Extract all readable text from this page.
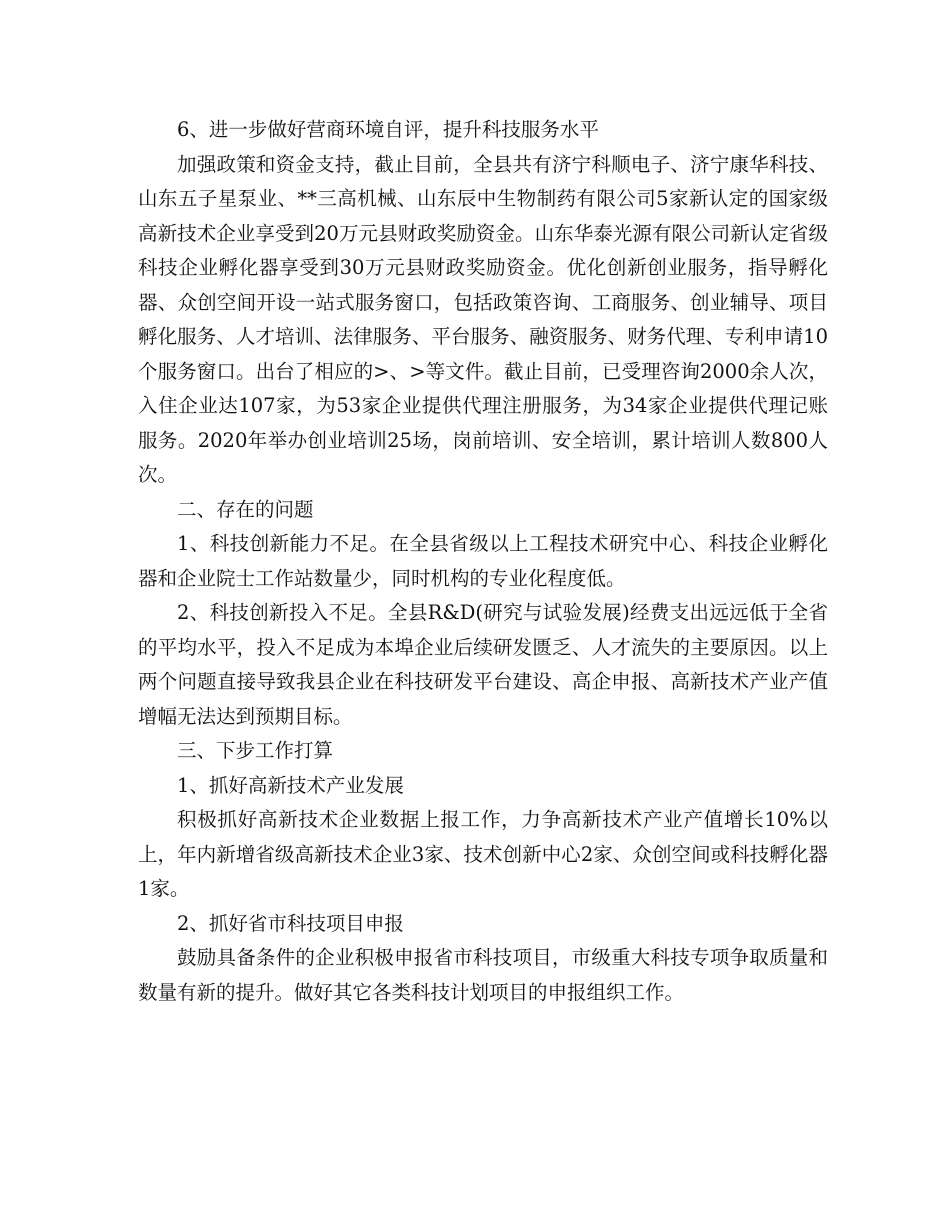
6、进一步做好营商环境自评，提升科技服务水平

加强政策和资金支持，截止目前，全县共有济宁科顺电子、济宁康华科技、山东五子星泵业、**三高机械、山东辰中生物制药有限公司5家新认定的国家级高新技术企业享受到20万元县财政奖励资金。山东华泰光源有限公司新认定省级科技企业孵化器享受到30万元县财政奖励资金。优化创新创业服务，指导孵化器、众创空间开设一站式服务窗口，包括政策咨询、工商服务、创业辅导、项目孵化服务、人才培训、法律服务、平台服务、融资服务、财务代理、专利申请10个服务窗口。出台了相应的>、>等文件。截止目前，已受理咨询2000余人次，入住企业达107家，为53家企业提供代理注册服务，为34家企业提供代理记账服务。2020年举办创业培训25场，岗前培训、安全培训，累计培训人数800人次。

二、存在的问题

1、科技创新能力不足。在全县省级以上工程技术研究中心、科技企业孵化器和企业院士工作站数量少，同时机构的专业化程度低。

2、科技创新投入不足。全县R&D(研究与试验发展)经费支出远远低于全省的平均水平，投入不足成为本埠企业后续研发匮乏、人才流失的主要原因。以上两个问题直接导致我县企业在科技研发平台建设、高企申报、高新技术产业产值增幅无法达到预期目标。

三、下步工作打算

1、抓好高新技术产业发展

积极抓好高新技术企业数据上报工作，力争高新技术产业产值增长10%以上，年内新增省级高新技术企业3家、技术创新中心2家、众创空间或科技孵化器1家。

2、抓好省市科技项目申报

鼓励具备条件的企业积极申报省市科技项目，市级重大科技专项争取质量和数量有新的提升。做好其它各类科技计划项目的申报组织工作。
